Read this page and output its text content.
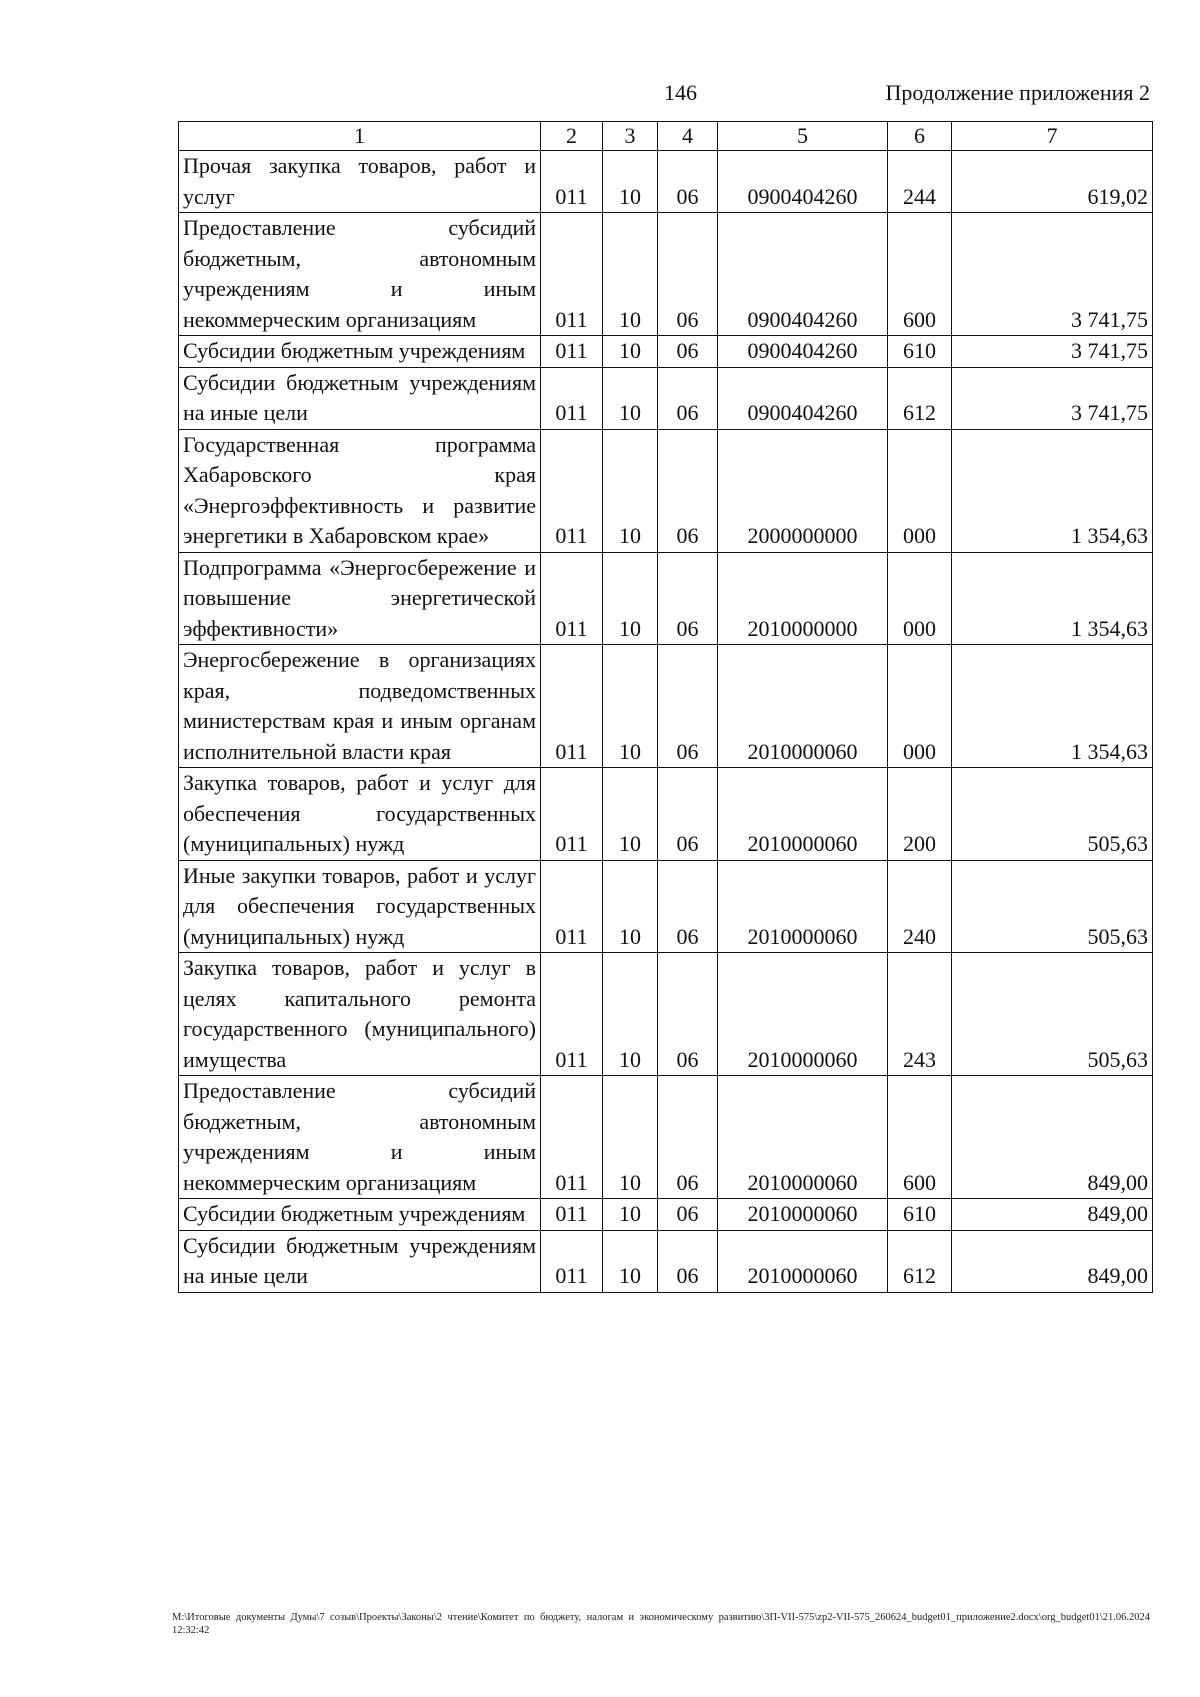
146	Продолжение приложения 2
1	2	3	4	5	6	7
Прочая закупка товаров, работ и услуг	011	10	06	0900404260	244	619,02
Предоставление субсидий бюджетным, автономным учреждениям и иным некоммерческим организациям	011	10	06	0900404260	600	3 741,75
Субсидии бюджетным учреждениям	011	10	06	0900404260	610	3 741,75
Субсидии бюджетным учреждениям на иные цели	011	10	06	0900404260	612	3 741,75
Государственная программа Хабаровского края «Энергоэффективность и развитие энергетики в Хабаровском крае»	011	10	06	2000000000	000	1 354,63
Подпрограмма «Энергосбережение и повышение энергетической эффективности»	011	10	06	2010000000	000	1 354,63
Энергосбережение в организациях края, подведомственных министерствам края и иным органам исполнительной власти края	011	10	06	2010000060	000	1 354,63
Закупка товаров, работ и услуг для обеспечения государственных (муниципальных) нужд	011	10	06	2010000060	200	505,63
Иные закупки товаров, работ и услуг для обеспечения государственных (муниципальных) нужд	011	10	06	2010000060	240	505,63
Закупка товаров, работ и услуг в целях капитального ремонта государственного (муниципального) имущества	011	10	06	2010000060	243	505,63
Предоставление субсидий бюджетным, автономным учреждениям и иным некоммерческим организациям	011	10	06	2010000060	600	849,00
Субсидии бюджетным учреждениям	011	10	06	2010000060	610	849,00
Субсидии бюджетным учреждениям на иные цели	011	10	06	2010000060	612	849,00
М:\Итоговые документы Думы\7 созыв\Проекты\Законы\2 чтение\Комитет по бюджету, налогам и экономическому развитию\3П-VII-575\zp2-VII-575_260624_budget01_приложение2.docx\org_budget01\21.06.2024 12:32:42
